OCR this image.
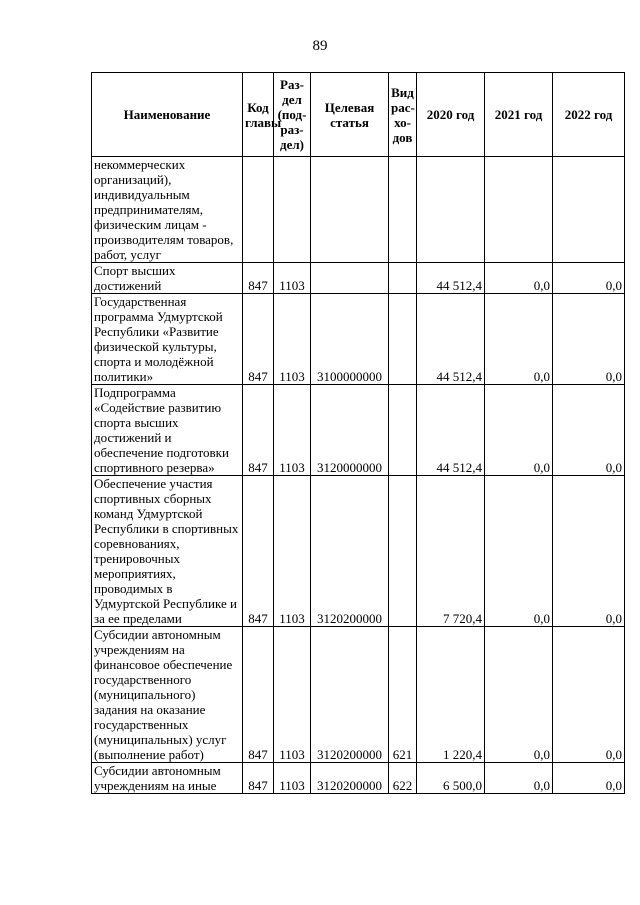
89
Наименование	Код главы	Раз-дел (под-раз-дел)	Целевая статья	Вид рас-хо-дов	2020 год	2021 год	2022 год
некоммерческих организаций), индивидуальным предпринимателям, физическим лицам - производителям товаров, работ, услуг							
Спорт высших достижений	847	1103			44 512,4	0,0	0,0
Государственная программа Удмуртской Республики «Развитие физической культуры, спорта и молодёжной политики»	847	1103	3100000000		44 512,4	0,0	0,0
Подпрограмма «Содействие развитию спорта высших достижений и обеспечение подготовки спортивного резерва»	847	1103	3120000000		44 512,4	0,0	0,0
Обеспечение участия спортивных сборных команд Удмуртской Республики в спортивных соревнованиях, тренировочных мероприятиях, проводимых в Удмуртской Республике и за ее пределами	847	1103	3120200000		7 720,4	0,0	0,0
Субсидии автономным учреждениям на финансовое обеспечение государственного (муниципального) задания на оказание государственных (муниципальных) услуг (выполнение работ)	847	1103	3120200000	621	1 220,4	0,0	0,0
Субсидии автономным учреждениям на иные	847	1103	3120200000	622	6 500,0	0,0	0,0
